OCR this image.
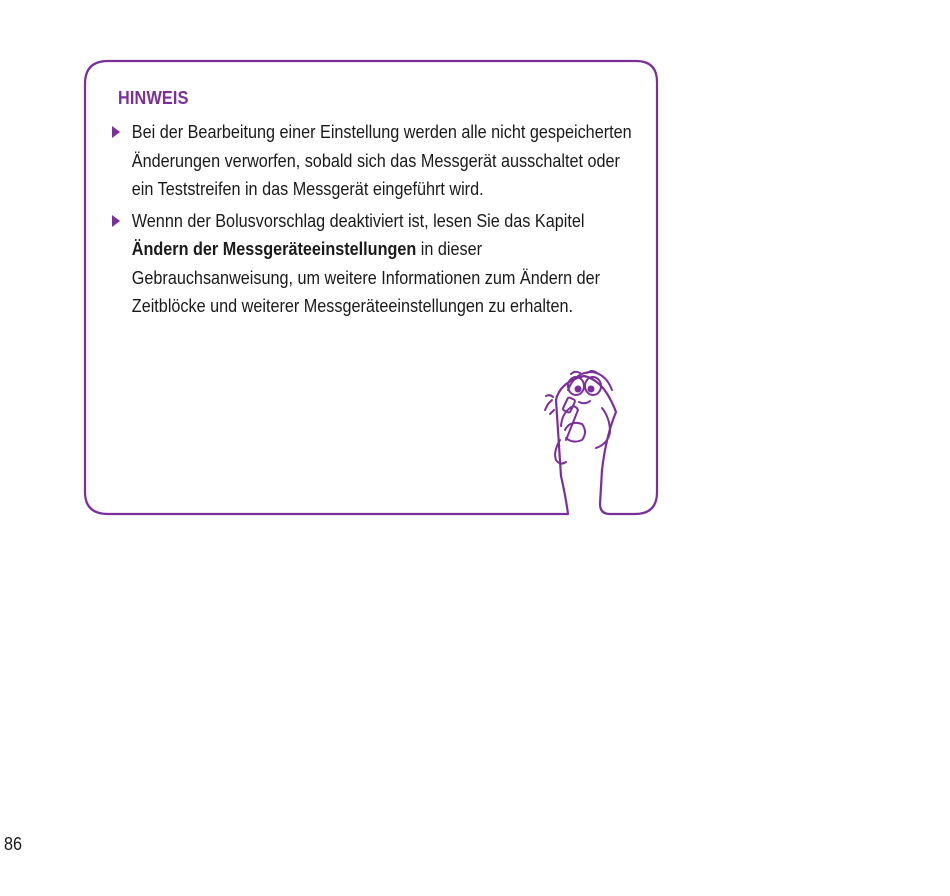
HINWEIS
Bei der Bearbeitung einer Einstellung werden alle nicht gespeicherten Änderungen verworfen, sobald sich das Messgerät ausschaltet oder ein Teststreifen in das Messgerät eingeführt wird.
Wennn der Bolusvorschlag deaktiviert ist, lesen Sie das Kapitel Ändern der Messgeräteeinstellungen in dieser Gebrauchsanweisung, um weitere Informationen zum Ändern der Zeitblöcke und weiterer Messgeräteeinstellungen zu erhalten.

86
